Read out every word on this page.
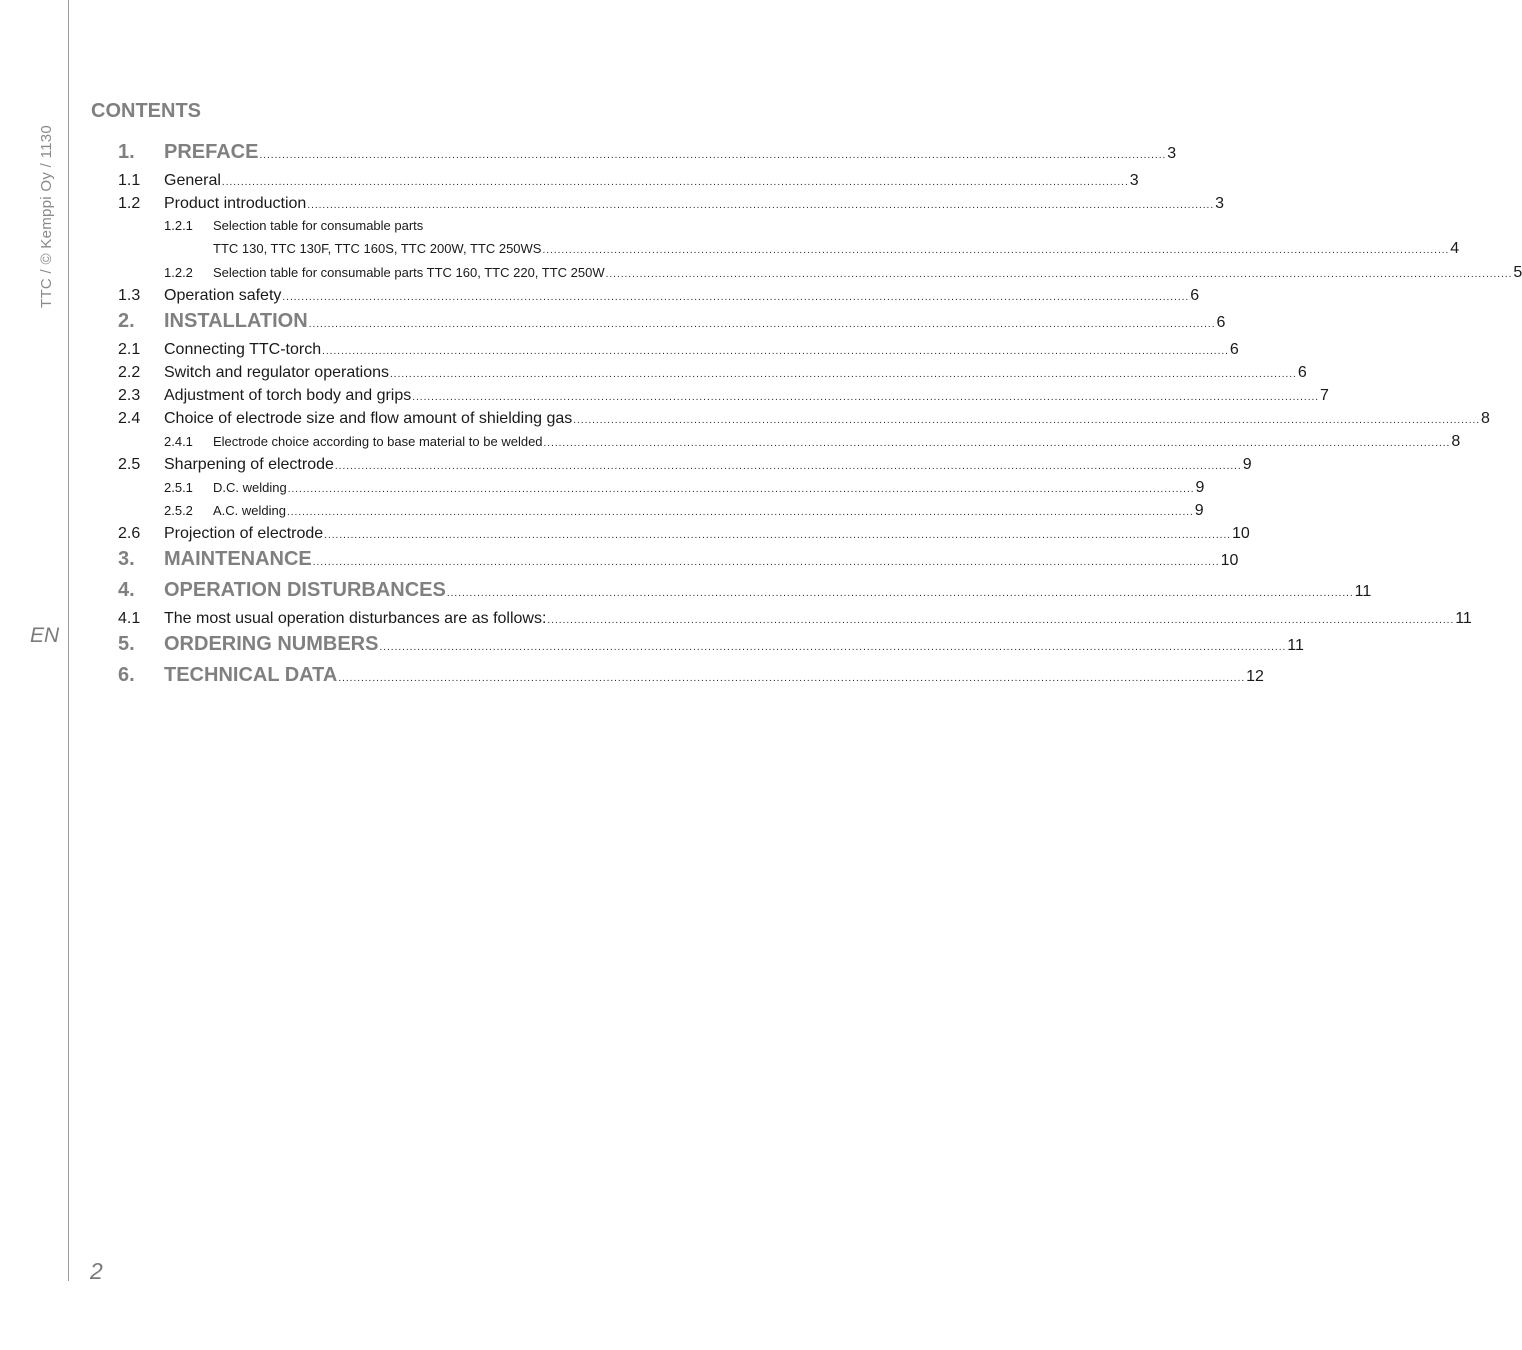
TTC / © Kemppi Oy / 1130
EN
2
CONTENTS
1.	PREFACE ................................................................................................................................................................................................................................................ 3
1.1	General ................................................................................................................................................................................................................................................ 3
1.2	Product introduction ................................................................................................................................................................................................................................................ 3
1.2.1	Selection table for consumable parts
TTC 130, TTC 130F, TTC 160S, TTC 200W, TTC 250WS ................................................................................................................................................................................................................................................ 4
1.2.2	Selection table for consumable parts TTC 160, TTC 220, TTC 250W ................................................................................................................................................................................................................................................ 5
1.3	Operation safety ................................................................................................................................................................................................................................................ 6
2.	INSTALLATION ................................................................................................................................................................................................................................................ 6
2.1	Connecting TTC-torch ................................................................................................................................................................................................................................................ 6
2.2	Switch and regulator operations ................................................................................................................................................................................................................................................ 6
2.3	Adjustment of torch body and grips ................................................................................................................................................................................................................................................ 7
2.4	Choice of electrode size and flow amount of shielding gas ................................................................................................................................................................................................................................................ 8
2.4.1	Electrode choice according to base material to be welded ................................................................................................................................................................................................................................................ 8
2.5	Sharpening of electrode ................................................................................................................................................................................................................................................ 9
2.5.1	D.C. welding ................................................................................................................................................................................................................................................ 9
2.5.2	A.C. welding ................................................................................................................................................................................................................................................ 9
2.6	Projection of electrode ................................................................................................................................................................................................................................................ 10
3.	MAINTENANCE ................................................................................................................................................................................................................................................ 10
4.	OPERATION DISTURBANCES ................................................................................................................................................................................................................................................ 11
4.1	The most usual operation disturbances are as follows: ................................................................................................................................................................................................................................................ 11
5.	ORDERING NUMBERS ................................................................................................................................................................................................................................................ 11
6.	TECHNICAL DATA ................................................................................................................................................................................................................................................ 12
